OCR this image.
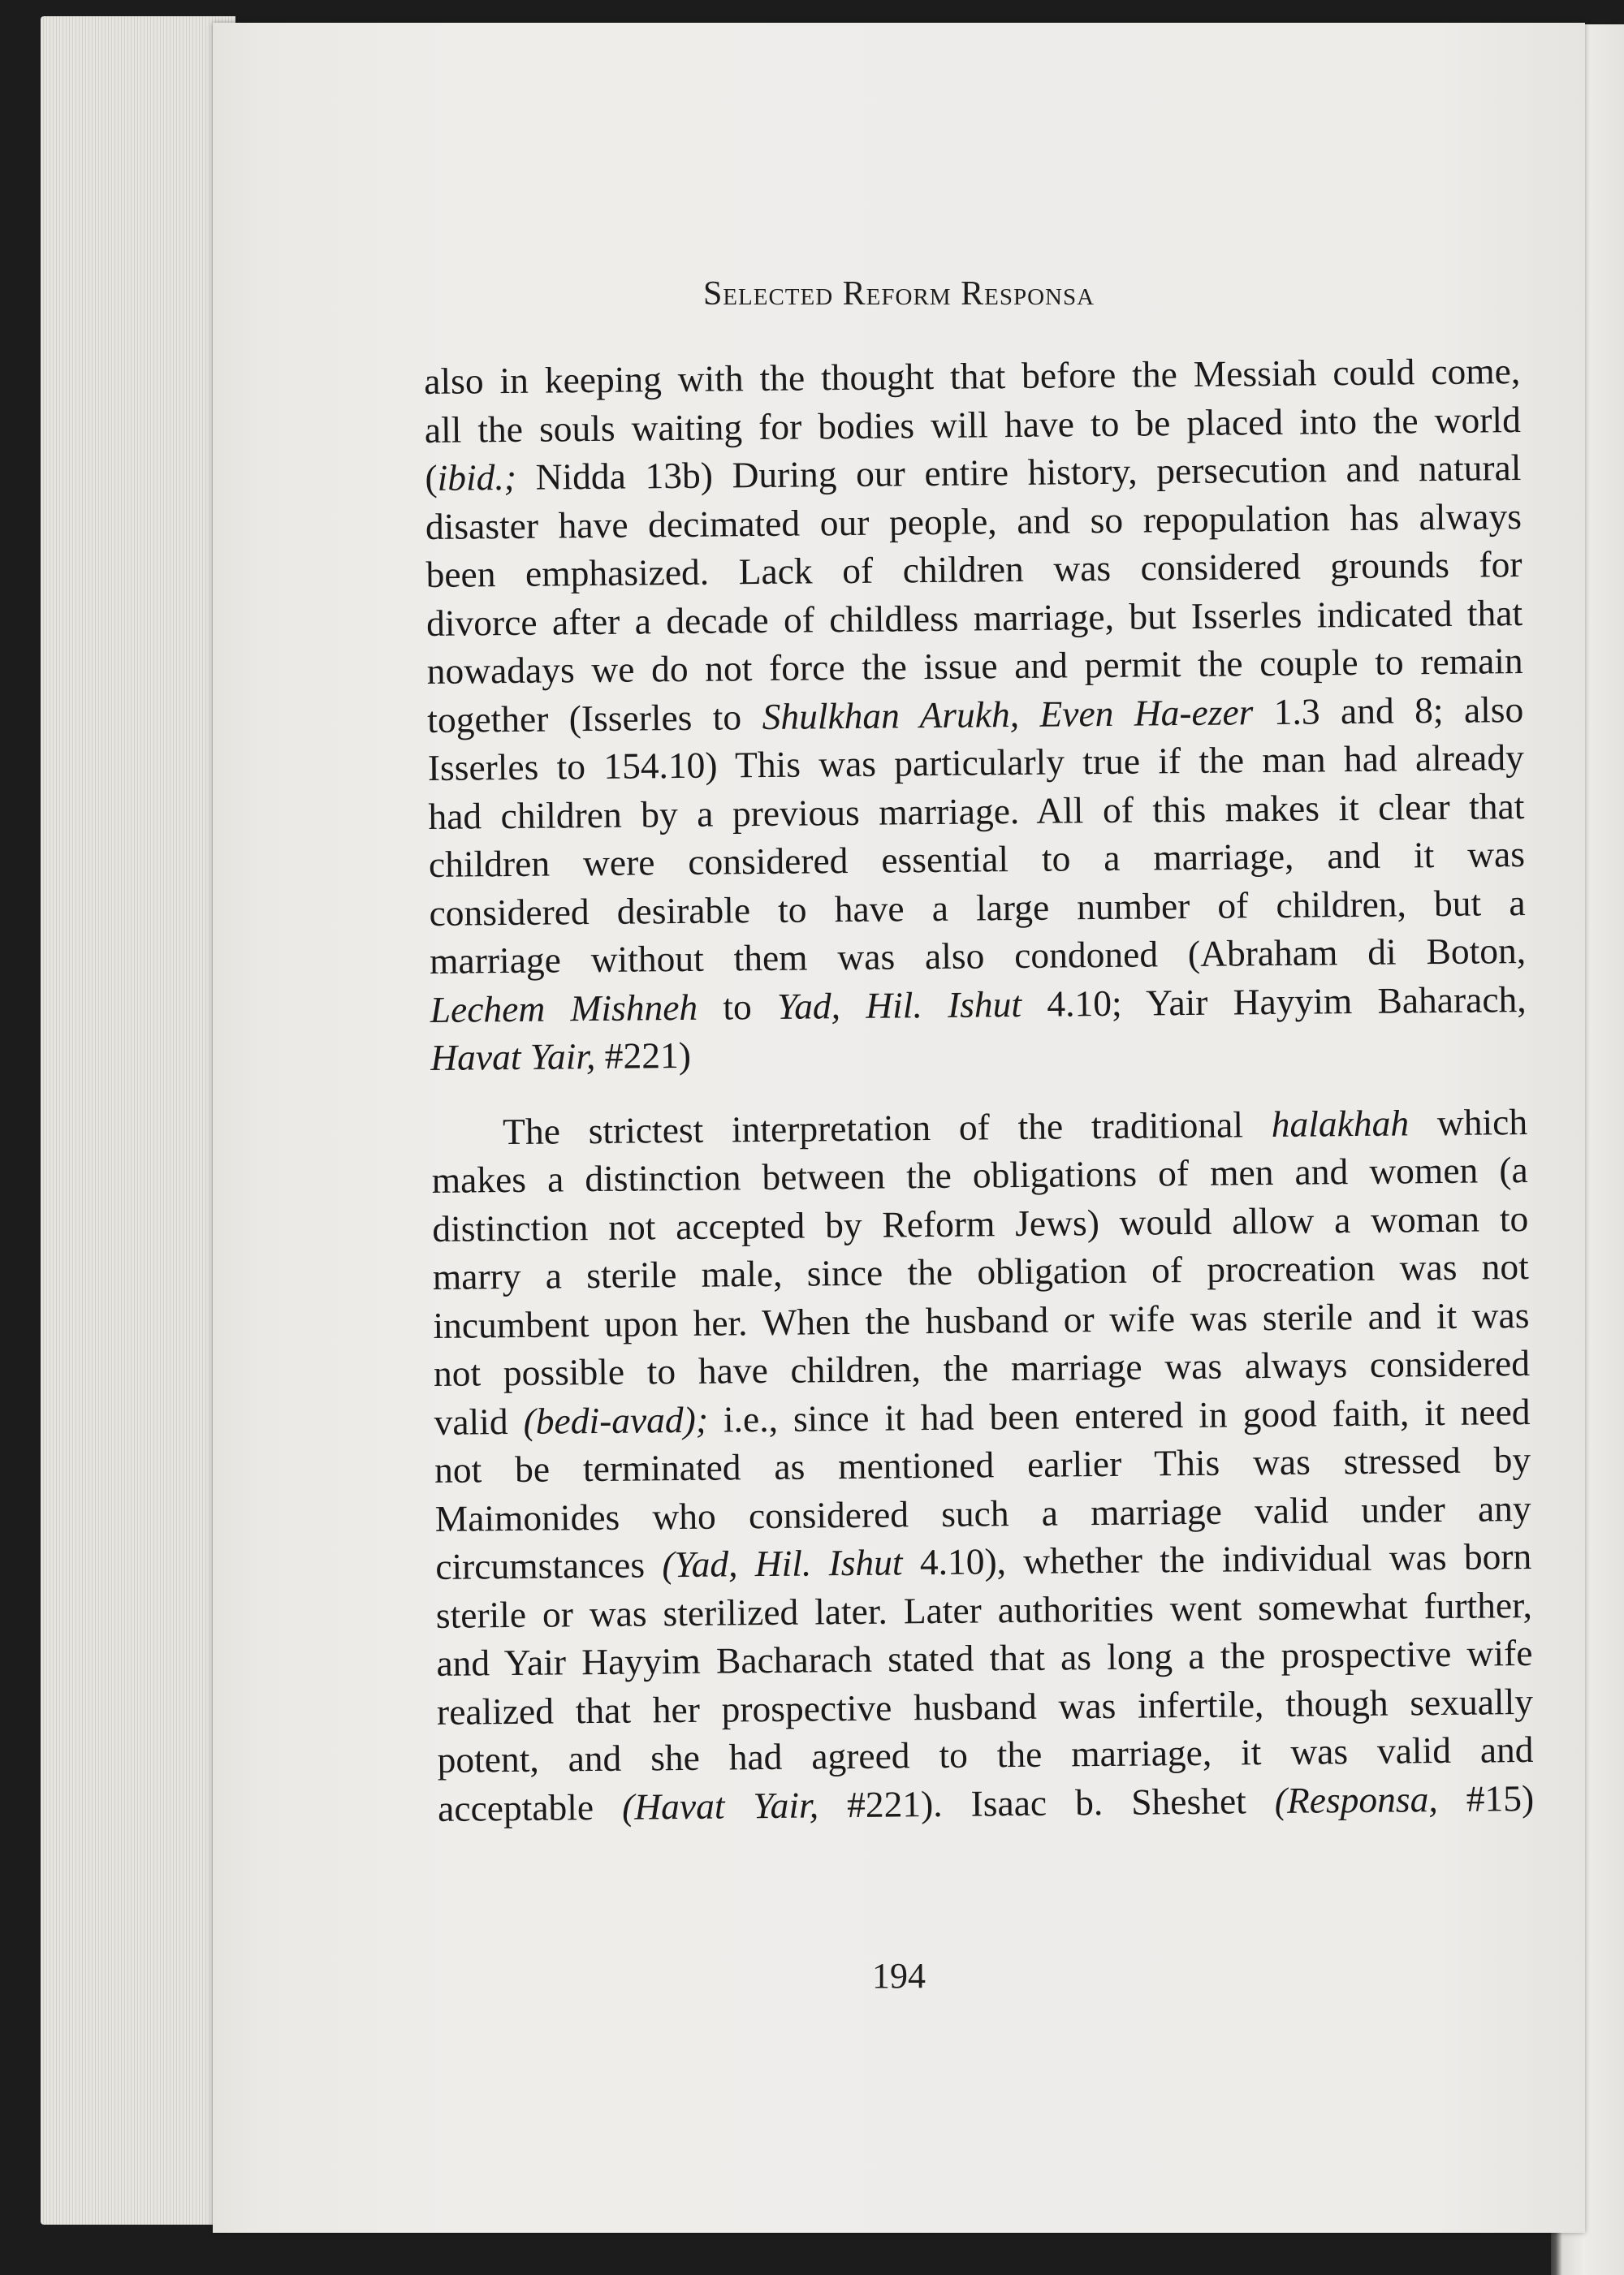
Selected Reform Responsa
also in keeping with the thought that before the Messiah could come,
all the souls waiting for bodies will have to be placed into the world
(ibid.; Nidda 13b) During our entire history, persecution and natural
disaster have decimated our people, and so repopulation has always
been emphasized. Lack of children was considered grounds for
divorce after a decade of childless marriage, but Isserles indicated that
nowadays we do not force the issue and permit the couple to remain
together (Isserles to Shulkhan Arukh, Even Ha-ezer 1.3 and 8; also
Isserles to 154.10) This was particularly true if the man had already
had children by a previous marriage. All of this makes it clear that
children were considered essential to a marriage, and it was
considered desirable to have a large number of children, but a
marriage without them was also condoned (Abraham di Boton,
Lechem Mishneh to Yad, Hil. Ishut 4.10; Yair Hayyim Baharach,
Havat Yair, #221)
The strictest interpretation of the traditional halakhah which
makes a distinction between the obligations of men and women (a
distinction not accepted by Reform Jews) would allow a woman to
marry a sterile male, since the obligation of procreation was not
incumbent upon her. When the husband or wife was sterile and it was
not possible to have children, the marriage was always considered
valid (bedi-avad); i.e., since it had been entered in good faith, it need
not be terminated as mentioned earlier This was stressed by
Maimonides who considered such a marriage valid under any
circumstances (Yad, Hil. Ishut 4.10), whether the individual was born
sterile or was sterilized later. Later authorities went somewhat further,
and Yair Hayyim Bacharach stated that as long a the prospective wife
realized that her prospective husband was infertile, though sexually
potent, and she had agreed to the marriage, it was valid and
acceptable (Havat Yair, #221). Isaac b. Sheshet (Responsa, #15)
194
